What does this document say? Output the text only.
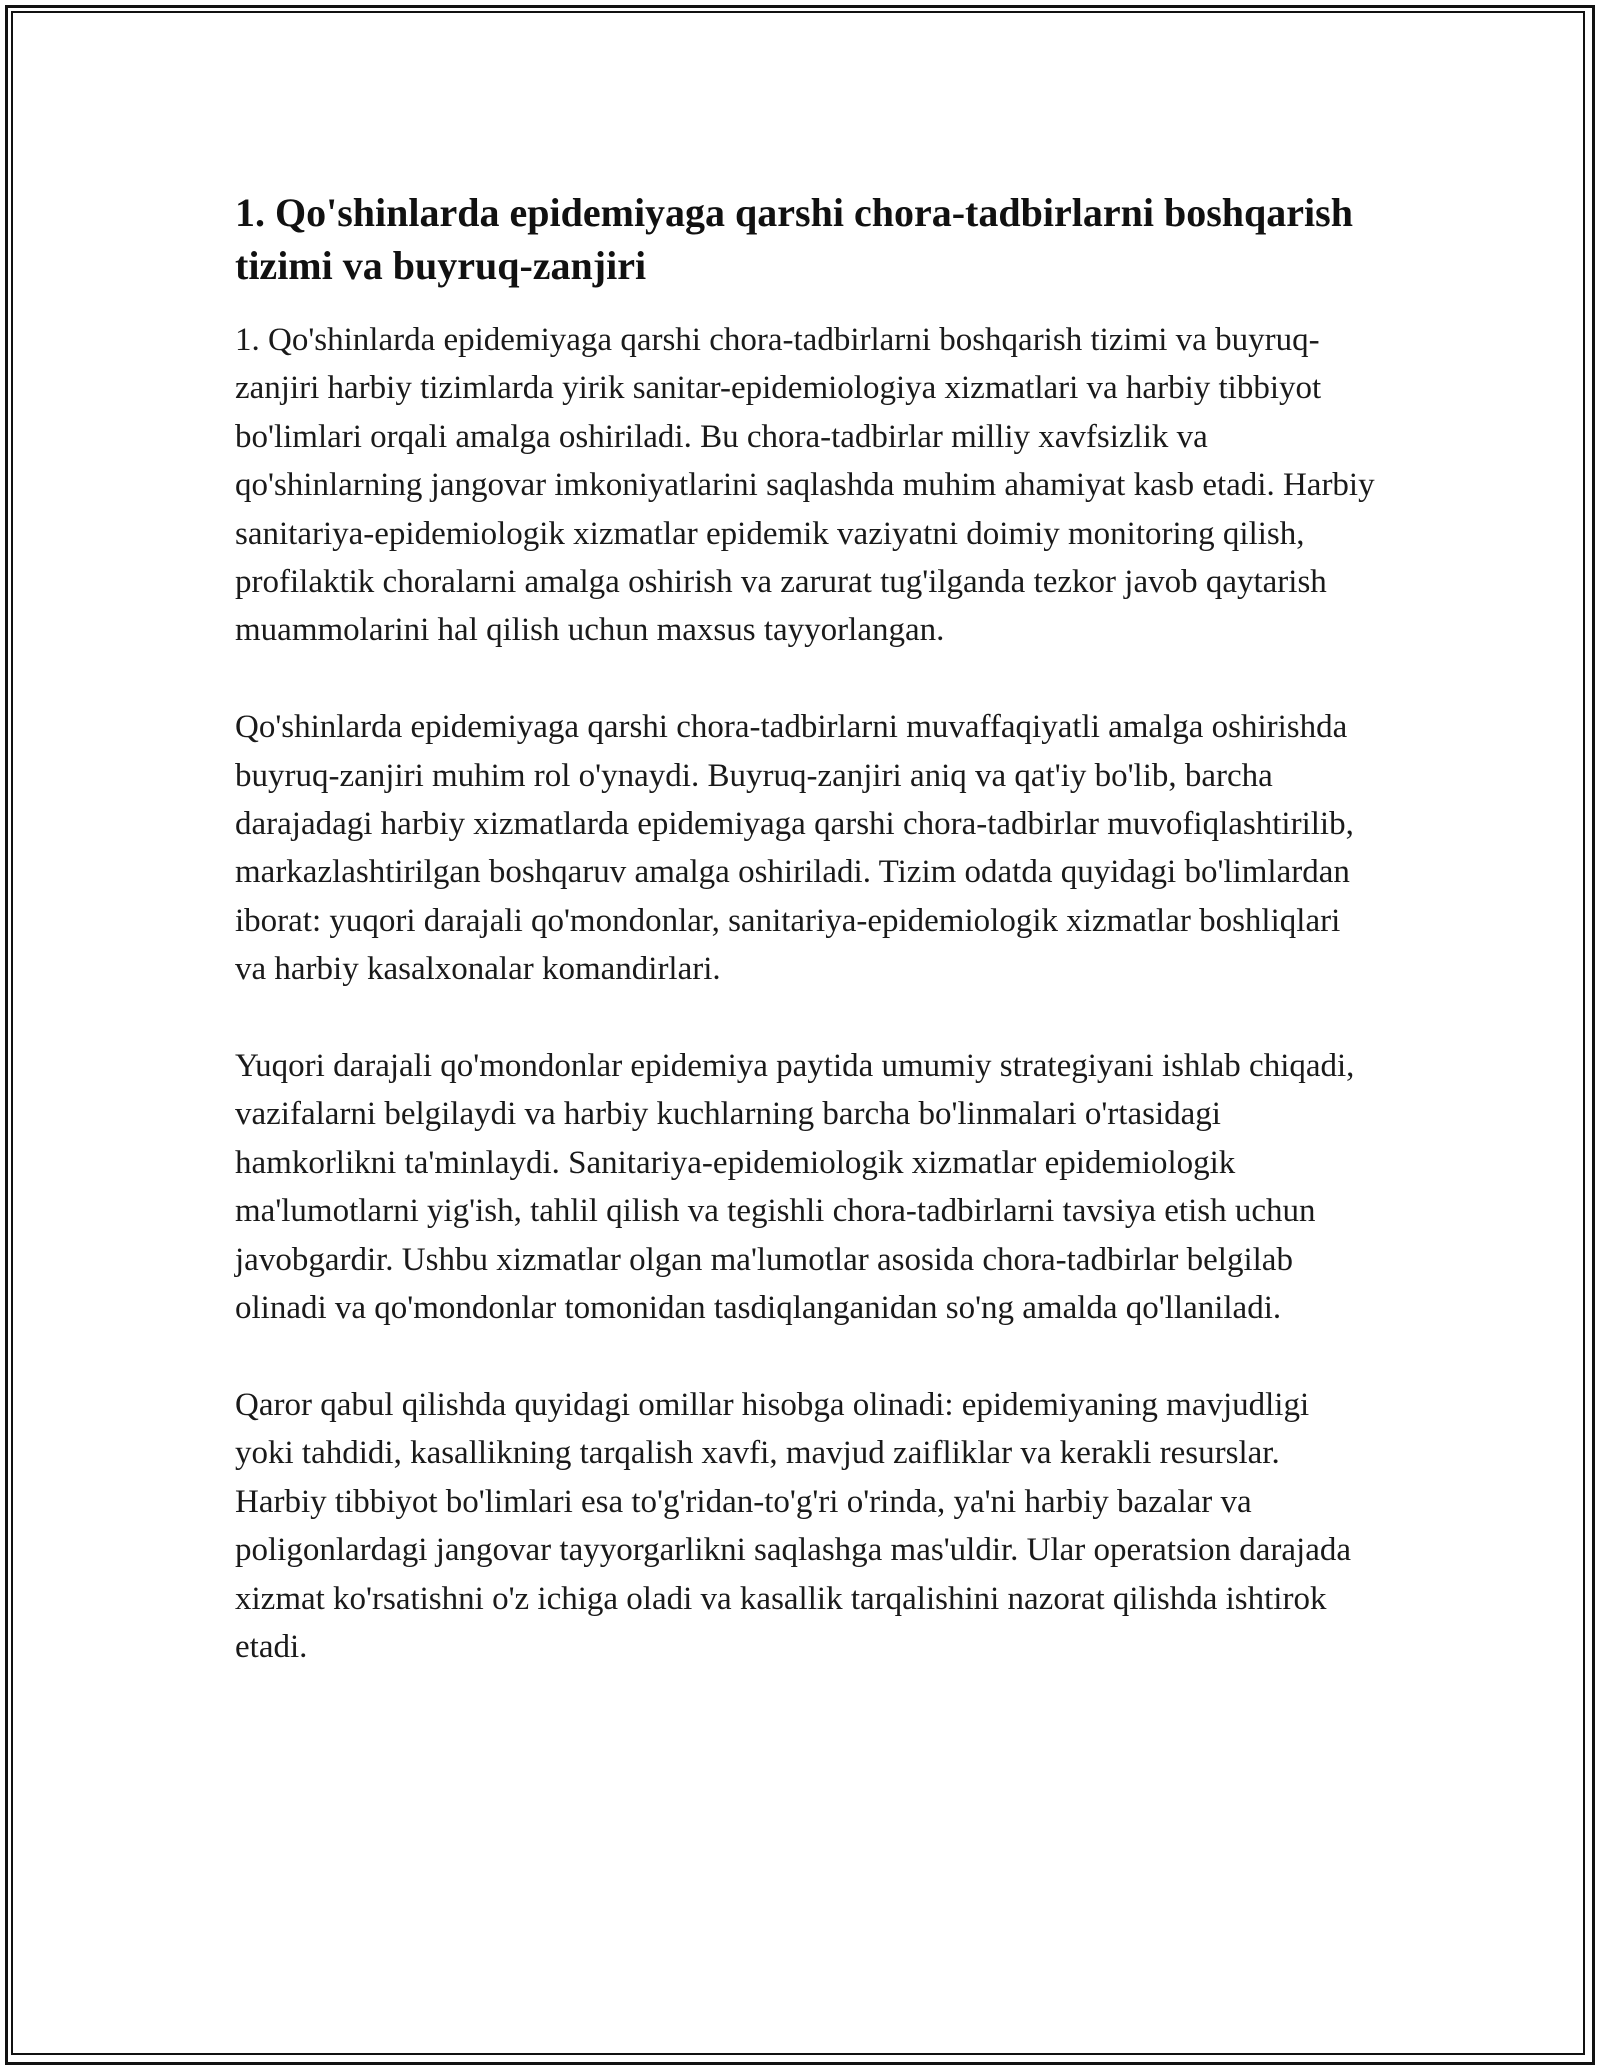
1. Qo'shinlarda epidemiyaga qarshi chora-tadbirlarni boshqarish tizimi va buyruq-zanjiri

1. Qo'shinlarda epidemiyaga qarshi chora-tadbirlarni boshqarish tizimi va buyruq-zanjiri harbiy tizimlarda yirik sanitar-epidemiologiya xizmatlari va harbiy tibbiyot bo'limlari orqali amalga oshiriladi. Bu chora-tadbirlar milliy xavfsizlik va qo'shinlarning jangovar imkoniyatlarini saqlashda muhim ahamiyat kasb etadi. Harbiy sanitariya-epidemiologik xizmatlar epidemik vaziyatni doimiy monitoring qilish, profilaktik choralarni amalga oshirish va zarurat tug'ilganda tezkor javob qaytarish muammolarini hal qilish uchun maxsus tayyorlangan.

Qo'shinlarda epidemiyaga qarshi chora-tadbirlarni muvaffaqiyatli amalga oshirishda buyruq-zanjiri muhim rol o'ynaydi. Buyruq-zanjiri aniq va qat'iy bo'lib, barcha darajadagi harbiy xizmatlarda epidemiyaga qarshi chora-tadbirlar muvofiqlashtirilib, markazlashtirilgan boshqaruv amalga oshiriladi. Tizim odatda quyidagi bo'limlardan iborat: yuqori darajali qo'mondonlar, sanitariya-epidemiologik xizmatlar boshliqlari va harbiy kasalxonalar komandirlari.

Yuqori darajali qo'mondonlar epidemiya paytida umumiy strategiyani ishlab chiqadi, vazifalarni belgilaydi va harbiy kuchlarning barcha bo'linmalari o'rtasidagi hamkorlikni ta'minlaydi. Sanitariya-epidemiologik xizmatlar epidemiologik ma'lumotlarni yig'ish, tahlil qilish va tegishli chora-tadbirlarni tavsiya etish uchun javobgardir. Ushbu xizmatlar olgan ma'lumotlar asosida chora-tadbirlar belgilab olinadi va qo'mondonlar tomonidan tasdiqlanganidan so'ng amalda qo'llaniladi.

Qaror qabul qilishda quyidagi omillar hisobga olinadi: epidemiyaning mavjudligi yoki tahdidi, kasallikning tarqalish xavfi, mavjud zaifliklar va kerakli resurslar. Harbiy tibbiyot bo'limlari esa to'g'ridan-to'g'ri o'rinda, ya'ni harbiy bazalar va poligonlardagi jangovar tayyorgarlikni saqlashga mas'uldir. Ular operatsion darajada xizmat ko'rsatishni o'z ichiga oladi va kasallik tarqalishini nazorat qilishda ishtirok etadi.
